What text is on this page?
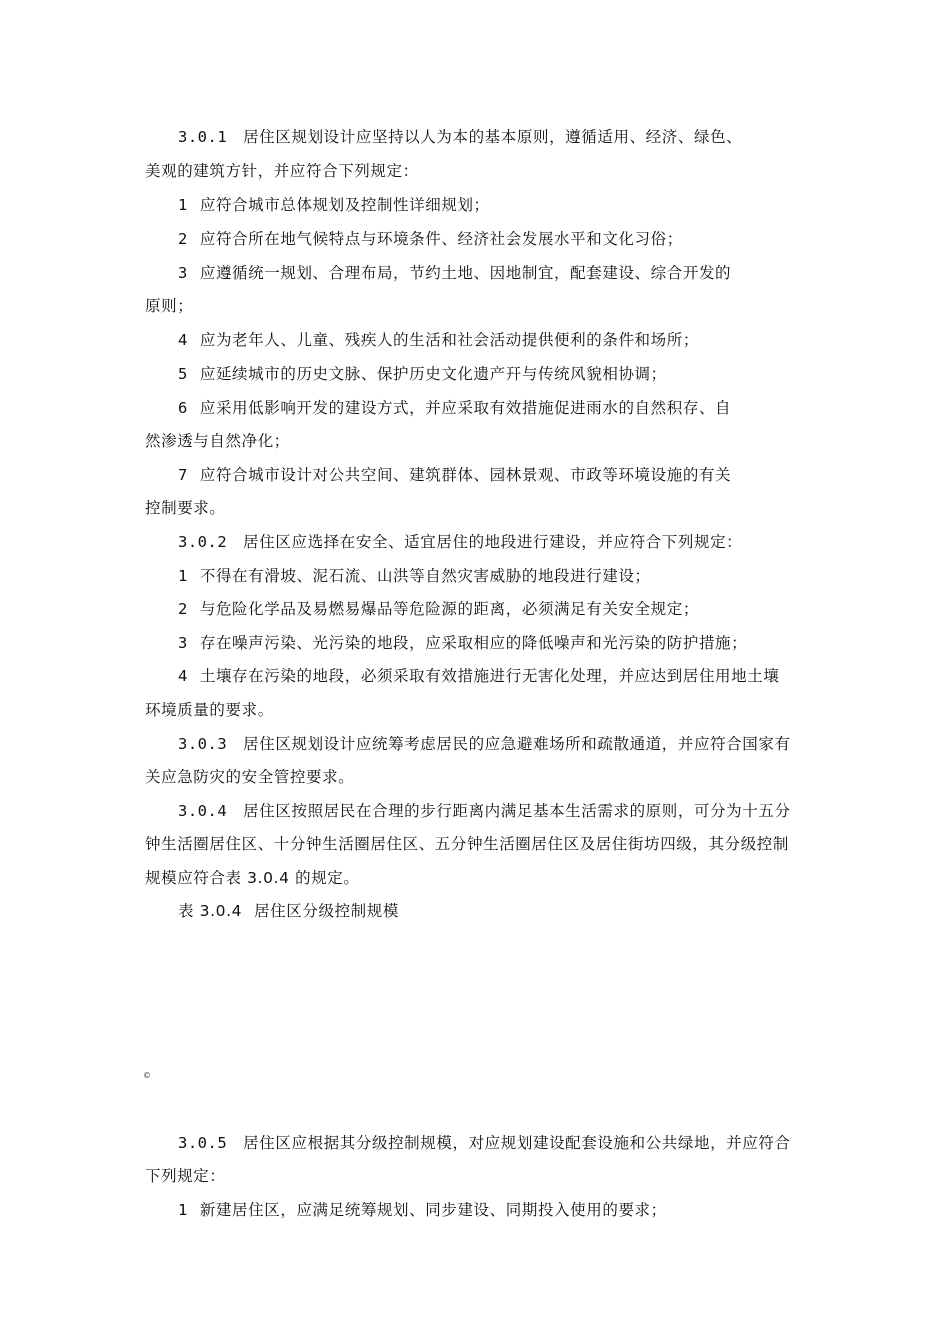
3.0.1 居住区规划设计应坚持以人为本的基本原则，遵循适用、经济、绿色、
美观的建筑方针，并应符合下列规定：
1 应符合城市总体规划及控制性详细规划；
2 应符合所在地气候特点与环境条件、经济社会发展水平和文化习俗；
3 应遵循统一规划、合理布局，节约土地、因地制宜，配套建设、综合开发的
原则；
4 应为老年人、儿童、残疾人的生活和社会活动提供便利的条件和场所；
5 应延续城市的历史文脉、保护历史文化遗产幵与传统风貌相协调；
6 应采用低影响开发的建设方式，并应采取有效措施促进雨水的自然积存、自
然渗透与自然净化；
7 应符合城市设计对公共空间、建筑群体、园林景观、市政等环境设施的有关
控制要求。
3.0.2 居住区应选择在安全、适宜居住的地段进行建设，并应符合下列规定：
1 不得在有滑坡、泥石流、山洪等自然灾害威胁的地段进行建设；
2 与危险化学品及易燃易爆品等危险源的距离，必须满足有关安全规定；
3 存在噪声污染、光污染的地段，应采取相应的降低噪声和光污染的防护措施；
4 土壤存在污染的地段，必须采取有效措施进行无害化处理，并应达到居住用地土壤
环境质量的要求。
3.0.3 居住区规划设计应统筹考虑居民的应急避难场所和疏散通道，并应符合国家有
关应急防灾的安全管控要求。
3.0.4 居住区按照居民在合理的步行距离内满足基本生活需求的原则，可分为十五分
钟生活圈居住区、十分钟生活圈居住区、五分钟生活圈居住区及居住街坊四级，其分级控制
规模应符合表 3.0.4 的规定。
表 3.0.4 居住区分级控制规模
©
3.0.5 居住区应根据其分级控制规模，对应规划建设配套设施和公共绿地，并应符合
下列规定：
1 新建居住区，应满足统筹规划、同步建设、同期投入使用的要求；
